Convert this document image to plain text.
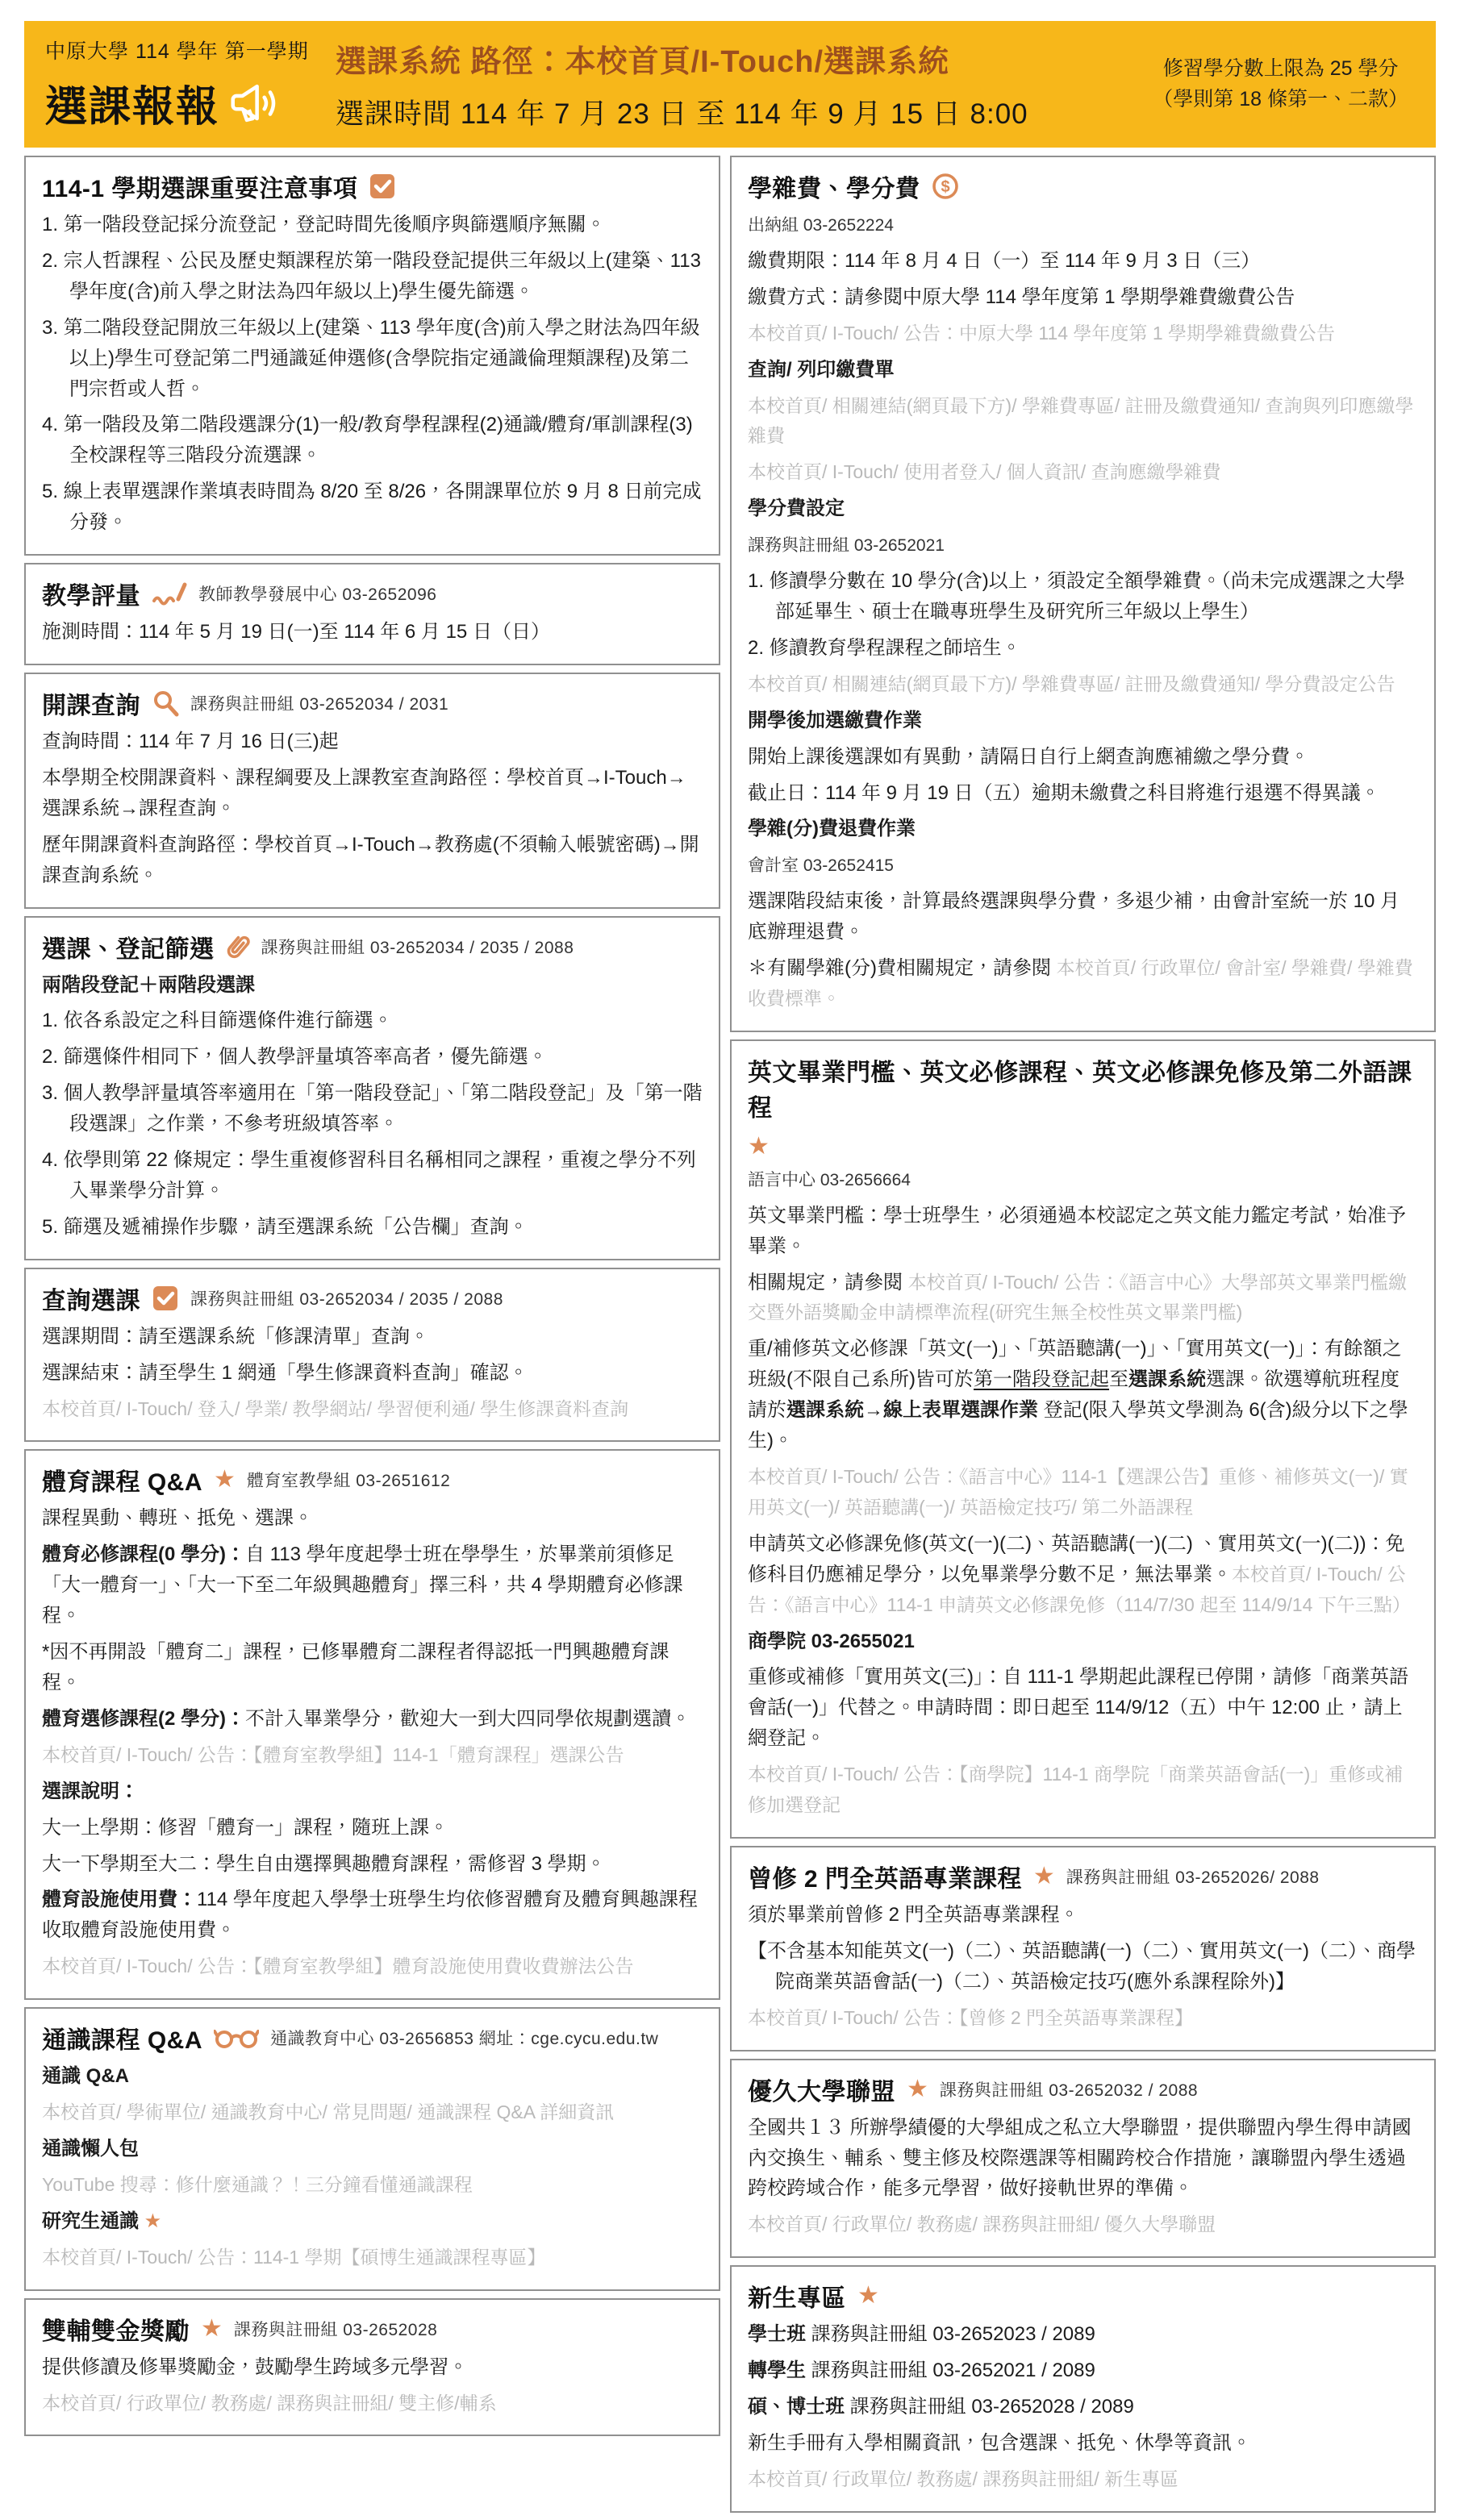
中原大學 114 學年 第一學期
選課報報
選課系統 路徑：本校首頁/I-Touch/選課系統
選課時間 114 年 7 月 23 日 至 114 年 9 月 15 日 8:00
修習學分數上限為 25 學分
（學則第 18 條第一、二款）
114-1 學期選課重要注意事項

1. 第一階段登記採分流登記，登記時間先後順序與篩選順序無關。

2. 宗人哲課程、公民及歷史類課程於第一階段登記提供三年級以上(建築、113 學年度(含)前入學之財法為四年級以上)學生優先篩選。

3. 第二階段登記開放三年級以上(建築、113 學年度(含)前入學之財法為四年級以上)學生可登記第二門通識延伸選修(含學院指定通識倫理類課程)及第二門宗哲或人哲。

4. 第一階段及第二階段選課分(1)一般/教育學程課程(2)通識/體育/軍訓課程(3)全校課程等三階段分流選課。

5. 線上表單選課作業填表時間為 8/20 至 8/26，各開課單位於 9 月 8 日前完成分發。

教學評量	教師教學發展中心 03-2652096

施測時間：114 年 5 月 19 日(一)至 114 年 6 月 15 日（日）

開課查詢	課務與註冊組 03-2652034 / 2031

查詢時間：114 年 7 月 16 日(三)起

本學期全校開課資料、課程綱要及上課教室查詢路徑：學校首頁→I-Touch→選課系統→課程查詢。

歷年開課資料查詢路徑：學校首頁→I-Touch→教務處(不須輸入帳號密碼)→開課查詢系統。

選課、登記篩選	課務與註冊組 03-2652034 / 2035 / 2088

兩階段登記＋兩階段選課

1. 依各系設定之科目篩選條件進行篩選。

2. 篩選條件相同下，個人教學評量填答率高者，優先篩選。

3. 個人教學評量填答率適用在「第一階段登記」、「第二階段登記」及「第一階段選課」之作業，不參考班級填答率。

4. 依學則第 22 條規定：學生重複修習科目名稱相同之課程，重複之學分不列入畢業學分計算。

5. 篩選及遞補操作步驟，請至選課系統「公告欄」查詢。

查詢選課	課務與註冊組 03-2652034 / 2035 / 2088

選課期間：請至選課系統「修課清單」查詢。

選課結束：請至學生 1 網通「學生修課資料查詢」確認。

本校首頁/ I-Touch/ 登入/ 學業/ 教學網站/ 學習便利通/ 學生修課資料查詢

體育課程 Q&A ★ 體育室教學組 03-2651612

課程異動、轉班、抵免、選課。

體育必修課程(0 學分)：自 113 學年度起學士班在學學生，於畢業前須修足「大一體育一」、「大一下至二年級興趣體育」擇三科，共 4 學期體育必修課程。

*因不再開設「體育二」課程，已修畢體育二課程者得認抵一門興趣體育課程。

體育選修課程(2 學分)：不計入畢業學分，歡迎大一到大四同學依規劃選讀。

本校首頁/ I-Touch/ 公告：【體育室教學組】114-1「體育課程」選課公告

選課說明：

大一上學期：修習「體育一」課程，隨班上課。

大一下學期至大二：學生自由選擇興趣體育課程，需修習 3 學期。

體育設施使用費：114 學年度起入學學士班學生均依修習體育及體育興趣課程收取體育設施使用費。

本校首頁/ I-Touch/ 公告：【體育室教學組】體育設施使用費收費辦法公告

通識課程 Q&A	通識教育中心 03-2656853 網址：cge.cycu.edu.tw

通識 Q&A

本校首頁/ 學術單位/ 通識教育中心/ 常見問題/ 通識課程 Q&A 詳細資訊

通識懶人包

YouTube 搜尋：修什麼通識？！三分鐘看懂通識課程

研究生通識 ★

本校首頁/ I-Touch/ 公告：114-1 學期【碩博生通識課程專區】

雙輔雙金獎勵 ★ 課務與註冊組 03-2652028

提供修讀及修畢獎勵金，鼓勵學生跨域多元學習。

本校首頁/ 行政單位/ 教務處/ 課務與註冊組/ 雙主修/輔系

學雜費、學分費 $

出納組 03-2652224

繳費期限：114 年 8 月 4 日（一）至 114 年 9 月 3 日（三）

繳費方式：請參閱中原大學 114 學年度第 1 學期學雜費繳費公告

本校首頁/ I-Touch/ 公告：中原大學 114 學年度第 1 學期學雜費繳費公告

查詢/ 列印繳費單

本校首頁/ 相關連結(網頁最下方)/ 學雜費專區/ 註冊及繳費通知/ 查詢與列印應繳學雜費

本校首頁/ I-Touch/ 使用者登入/ 個人資訊/ 查詢應繳學雜費

學分費設定

課務與註冊組 03-2652021

1. 修讀學分數在 10 學分(含)以上，須設定全額學雜費。（尚未完成選課之大學部延畢生、碩士在職專班學生及研究所三年級以上學生）

2. 修讀教育學程課程之師培生。

本校首頁/ 相關連結(網頁最下方)/ 學雜費專區/ 註冊及繳費通知/ 學分費設定公告

開學後加選繳費作業

開始上課後選課如有異動，請隔日自行上網查詢應補繳之學分費。

截止日：114 年 9 月 19 日（五）逾期未繳費之科目將進行退選不得異議。

學雜(分)費退費作業

會計室 03-2652415

選課階段結束後，計算最終選課與學分費，多退少補，由會計室統一於 10 月底辦理退費。

＊有關學雜(分)費相關規定，請參閱 本校首頁/ 行政單位/ 會計室/ 學雜費/ 學雜費收費標準。

英文畢業門檻、英文必修課程、英文必修課免修及第二外語課程
★

語言中心 03-2656664

英文畢業門檻：學士班學生，必須通過本校認定之英文能力鑑定考試，始准予畢業。

相關規定，請參閱 本校首頁/ I-Touch/ 公告：《語言中心》大學部英文畢業門檻繳交暨外語獎勵金申請標準流程(研究生無全校性英文畢業門檻)

重/補修英文必修課「英文(一)」、「英語聽講(一)」、「實用英文(一)」：有餘額之班級(不限自己系所)皆可於第一階段登記起至選課系統選課。欲選導航班程度請於選課系統→線上表單選課作業 登記(限入學英文學測為 6(含)級分以下之學生)。

本校首頁/ I-Touch/ 公告：《語言中心》114-1【選課公告】重修、補修英文(一)/ 實用英文(一)/ 英語聽講(一)/ 英語檢定技巧/ 第二外語課程

申請英文必修課免修(英文(一)(二)、英語聽講(一)(二) 、實用英文(一)(二))：免修科目仍應補足學分，以免畢業學分數不足，無法畢業。本校首頁/ I-Touch/ 公告：《語言中心》114-1 申請英文必修課免修（114/7/30 起至 114/9/14 下午三點）

商學院 03-2655021

重修或補修「實用英文(三)」：自 111-1 學期起此課程已停開，請修「商業英語會話(一)」代替之。申請時間：即日起至 114/9/12（五）中午 12:00 止，請上網登記。

本校首頁/ I-Touch/ 公告：【商學院】114-1 商學院「商業英語會話(一)」重修或補修加選登記

曾修 2 門全英語專業課程 ★ 課務與註冊組 03-2652026/ 2088

須於畢業前曾修 2 門全英語專業課程。

【不含基本知能英文(一)（二）、英語聽講(一)（二）、實用英文(一)（二）、商學院商業英語會話(一)（二）、英語檢定技巧(應外系課程除外)】

本校首頁/ I-Touch/ 公告：【曾修 2 門全英語專業課程】

優久大學聯盟 ★ 課務與註冊組 03-2652032 / 2088

全國共１３ 所辦學績優的大學組成之私立大學聯盟，提供聯盟內學生得申請國內交換生、輔系、雙主修及校際選課等相關跨校合作措施，讓聯盟內學生透過跨校跨域合作，能多元學習，做好接軌世界的準備。

本校首頁/ 行政單位/ 教務處/ 課務與註冊組/ 優久大學聯盟

新生專區 ★

學士班 課務與註冊組 03-2652023 / 2089

轉學生 課務與註冊組 03-2652021 / 2089

碩、博士班 課務與註冊組 03-2652028 / 2089

新生手冊有入學相關資訊，包含選課、抵免、休學等資訊。

本校首頁/ 行政單位/ 教務處/ 課務與註冊組/ 新生專區
